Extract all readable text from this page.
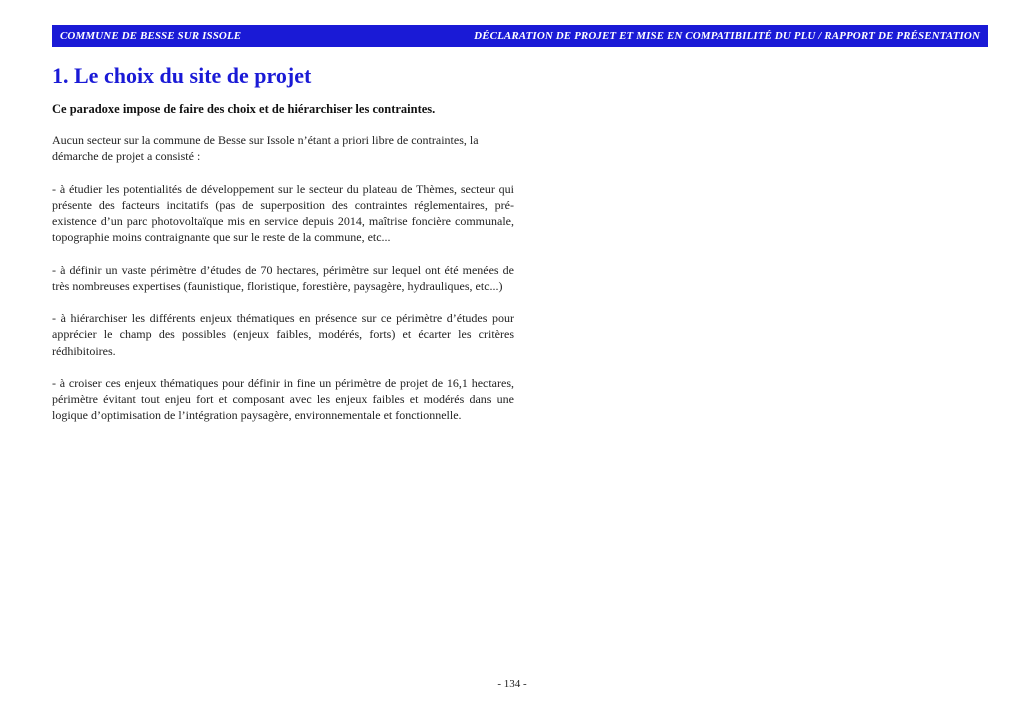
COMMUNE DE BESSE SUR ISSOLE	DÉCLARATION DE PROJET ET MISE EN COMPATIBILITÉ DU PLU / RAPPORT DE PRÉSENTATION
1. Le choix du site de projet

Ce paradoxe impose de faire des choix et de hiérarchiser les contraintes.

Aucun secteur sur la commune de Besse sur Issole n’étant a priori libre de contraintes, la démarche de projet a consisté :

- à étudier les potentialités de développement sur le secteur du plateau de Thèmes, secteur qui présente des facteurs incitatifs (pas de superposition des contraintes réglementaires, pré-existence d’un parc photovoltaïque mis en service depuis 2014, maîtrise foncière communale, topographie moins contraignante que sur le reste de la commune, etc...

- à définir un vaste périmètre d’études de 70 hectares, périmètre sur lequel ont été menées de très nombreuses expertises (faunistique, floristique, forestière, paysagère, hydrauliques, etc...)

- à hiérarchiser les différents enjeux thématiques en présence sur ce périmètre d’études pour apprécier le champ des possibles (enjeux faibles, modérés, forts) et écarter les critères rédhibitoires.

- à croiser ces enjeux thématiques pour définir in fine un périmètre de projet de 16,1 hectares, périmètre évitant tout enjeu fort et composant avec les enjeux faibles et modérés dans une logique d’optimisation de l’intégration paysagère, environnementale et fonctionnelle.

- 134 -
